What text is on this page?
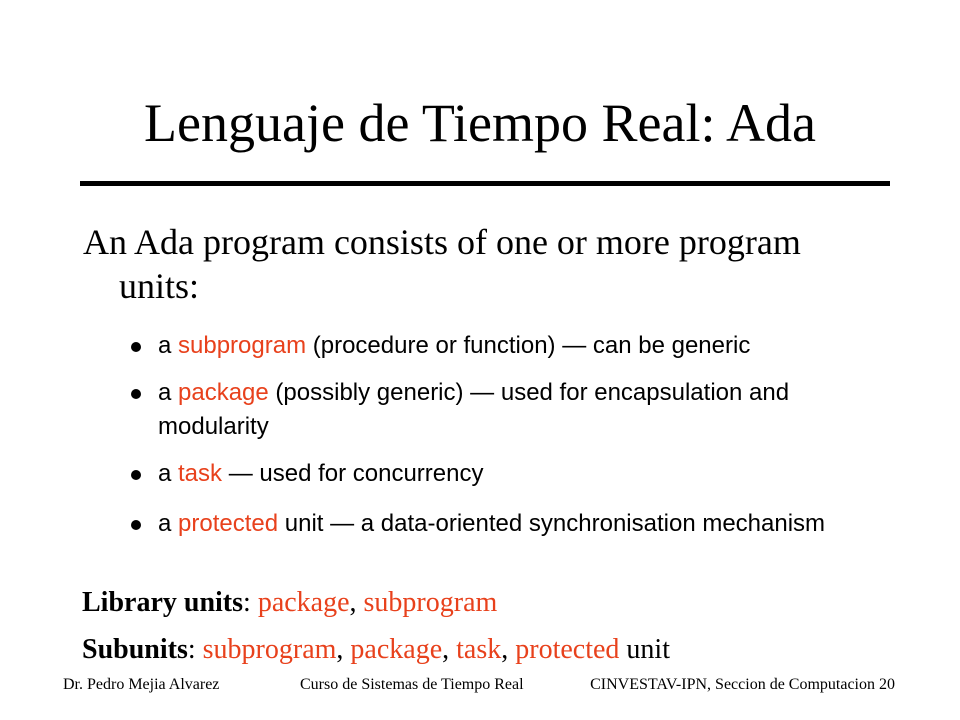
Lenguaje de Tiempo Real: Ada

An Ada program consists of one or more program units:

a subprogram (procedure or function) — can be generic
a package (possibly generic) — used for encapsulation and modularity
a task — used for concurrency
a protected unit — a data-oriented synchronisation mechanism

Library units: package, subprogram

Subunits: subprogram, package, task, protected unit

Dr. Pedro Mejia Alvarez	Curso de Sistemas de Tiempo Real	CINVESTAV-IPN, Seccion de Computacion 20
